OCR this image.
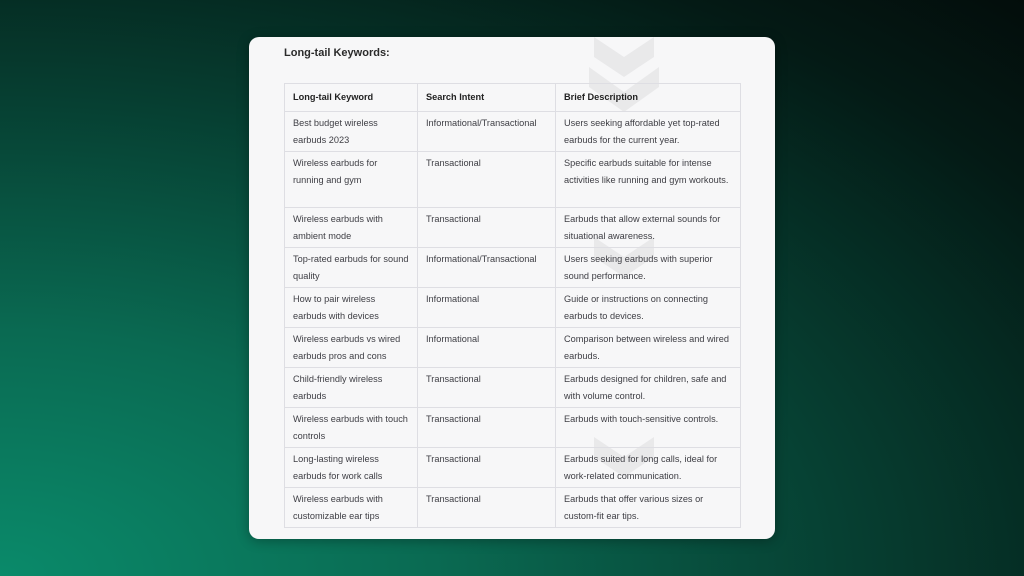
Long-tail Keywords:
Long-tail Keyword	Search Intent	Brief Description
Best budget wireless earbuds 2023	Informational/Transactional	Users seeking affordable yet top-rated earbuds for the current year.
Wireless earbuds for running and gym	Transactional	Specific earbuds suitable for intense activities like running and gym workouts.
Wireless earbuds with ambient mode	Transactional	Earbuds that allow external sounds for situational awareness.
Top-rated earbuds for sound quality	Informational/Transactional	Users seeking earbuds with superior sound performance.
How to pair wireless earbuds with devices	Informational	Guide or instructions on connecting earbuds to devices.
Wireless earbuds vs wired earbuds pros and cons	Informational	Comparison between wireless and wired earbuds.
Child-friendly wireless earbuds	Transactional	Earbuds designed for children, safe and with volume control.
Wireless earbuds with touch controls	Transactional	Earbuds with touch-sensitive controls.
Long-lasting wireless earbuds for work calls	Transactional	Earbuds suited for long calls, ideal for work-related communication.
Wireless earbuds with customizable ear tips	Transactional	Earbuds that offer various sizes or custom-fit ear tips.
